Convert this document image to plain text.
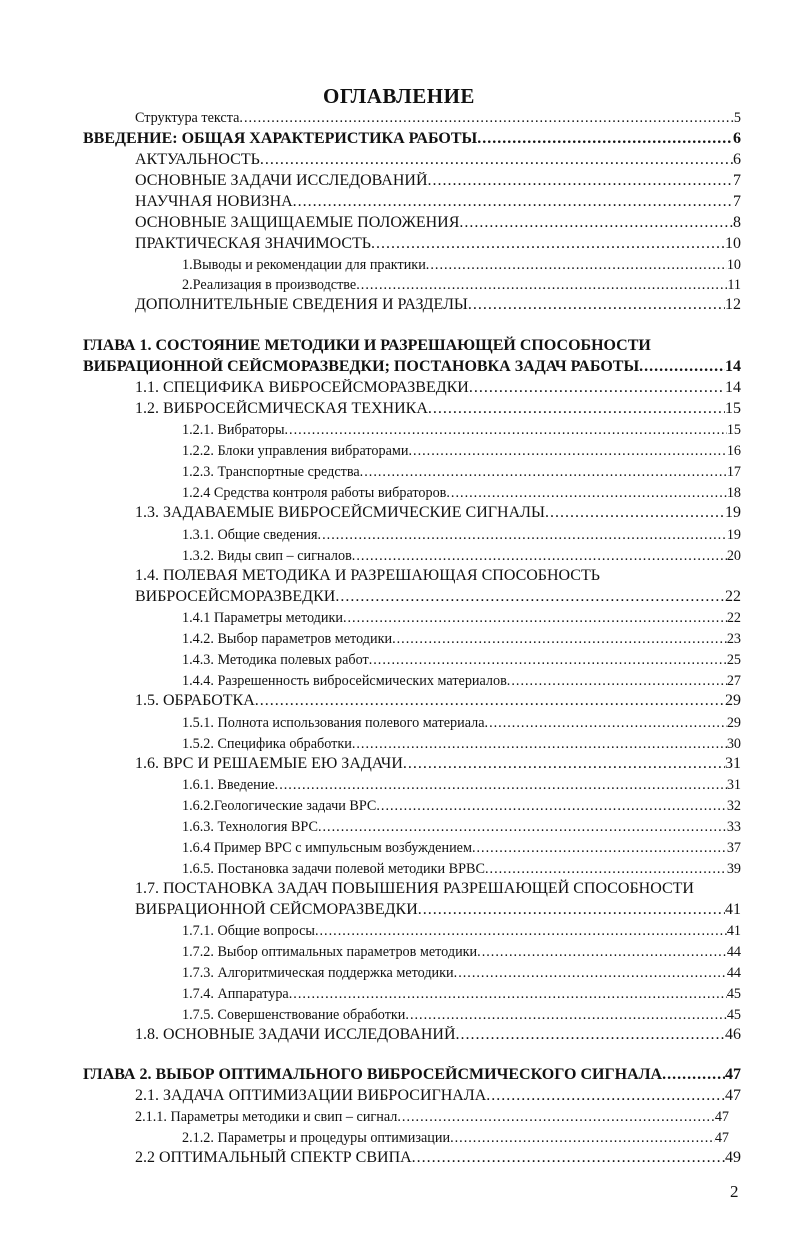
ОГЛАВЛЕНИЕ
Структура текста .....	5
ВВЕДЕНИЕ: ОБЩАЯ ХАРАКТЕРИСТИКА РАБОТЫ .....	6
АКТУАЛЬНОСТЬ .....	6
ОСНОВНЫЕ ЗАДАЧИ ИССЛЕДОВАНИЙ .....	7
НАУЧНАЯ НОВИЗНА .....	7
ОСНОВНЫЕ ЗАЩИЩАЕМЫЕ ПОЛОЖЕНИЯ .....	8
ПРАКТИЧЕСКАЯ ЗНАЧИМОСТЬ .....	10
1.Выводы и рекомендации для практики .....	10
2.Реализация в производстве .....	11
ДОПОЛНИТЕЛЬНЫЕ СВЕДЕНИЯ И РАЗДЕЛЫ .....	12
ГЛАВА 1. СОСТОЯНИЕ МЕТОДИКИ И РАЗРЕШАЮЩЕЙ СПОСОБНОСТИ
ВИБРАЦИОННОЙ СЕЙСМОРАЗВЕДКИ; ПОСТАНОВКА ЗАДАЧ РАБОТЫ .....	14
1.1. СПЕЦИФИКА ВИБРОСЕЙСМОРАЗВЕДКИ .....	14
1.2. ВИБРОСЕЙСМИЧЕСКАЯ ТЕХНИКА .....	15
1.2.1. Вибраторы .....	15
1.2.2. Блоки управления вибраторами .....	16
1.2.3. Транспортные средства .....	17
1.2.4 Средства контроля работы вибраторов .....	18
1.3. ЗАДАВАЕМЫЕ ВИБРОСЕЙСМИЧЕСКИЕ СИГНАЛЫ .....	19
1.3.1. Общие сведения .....	19
1.3.2. Виды свип – сигналов .....	20
1.4. ПОЛЕВАЯ МЕТОДИКА И РАЗРЕШАЮЩАЯ СПОСОБНОСТЬ
ВИБРОСЕЙСМОРАЗВЕДКИ .....	22
1.4.1 Параметры методики .....	22
1.4.2. Выбор параметров методики .....	23
1.4.3. Методика полевых работ .....	25
1.4.4. Разрешенность вибросейсмических материалов .....	27
1.5. ОБРАБОТКА .....	29
1.5.1. Полнота использования полевого материала .....	29
1.5.2. Специфика обработки .....	30
1.6. ВРС И РЕШАЕМЫЕ ЕЮ ЗАДАЧИ .....	31
1.6.1. Введение .....	31
1.6.2.Геологические задачи ВРС .....	32
1.6.3. Технология ВРС .....	33
1.6.4 Пример ВРС с импульсным возбуждением .....	37
1.6.5. Постановка задачи полевой методики ВРВС .....	39
1.7. ПОСТАНОВКА ЗАДАЧ ПОВЫШЕНИЯ РАЗРЕШАЮЩЕЙ СПОСОБНОСТИ
ВИБРАЦИОННОЙ СЕЙСМОРАЗВЕДКИ .....	41
1.7.1. Общие вопросы .....	41
1.7.2. Выбор оптимальных параметров методики .....	44
1.7.3. Алгоритмическая поддержка методики .....	44
1.7.4. Аппаратура .....	45
1.7.5. Совершенствование обработки .....	45
1.8. ОСНОВНЫЕ ЗАДАЧИ ИССЛЕДОВАНИЙ .....	46
ГЛАВА 2. ВЫБОР ОПТИМАЛЬНОГО ВИБРОСЕЙСМИЧЕСКОГО СИГНАЛА .....	47
2.1. ЗАДАЧА ОПТИМИЗАЦИИ ВИБРОСИГНАЛА .....	47
2.1.1. Параметры методики и свип – сигнал .....	47
2.1.2. Параметры и процедуры оптимизации .....	47
2.2 ОПТИМАЛЬНЫЙ СПЕКТР СВИПА .....	49
2
